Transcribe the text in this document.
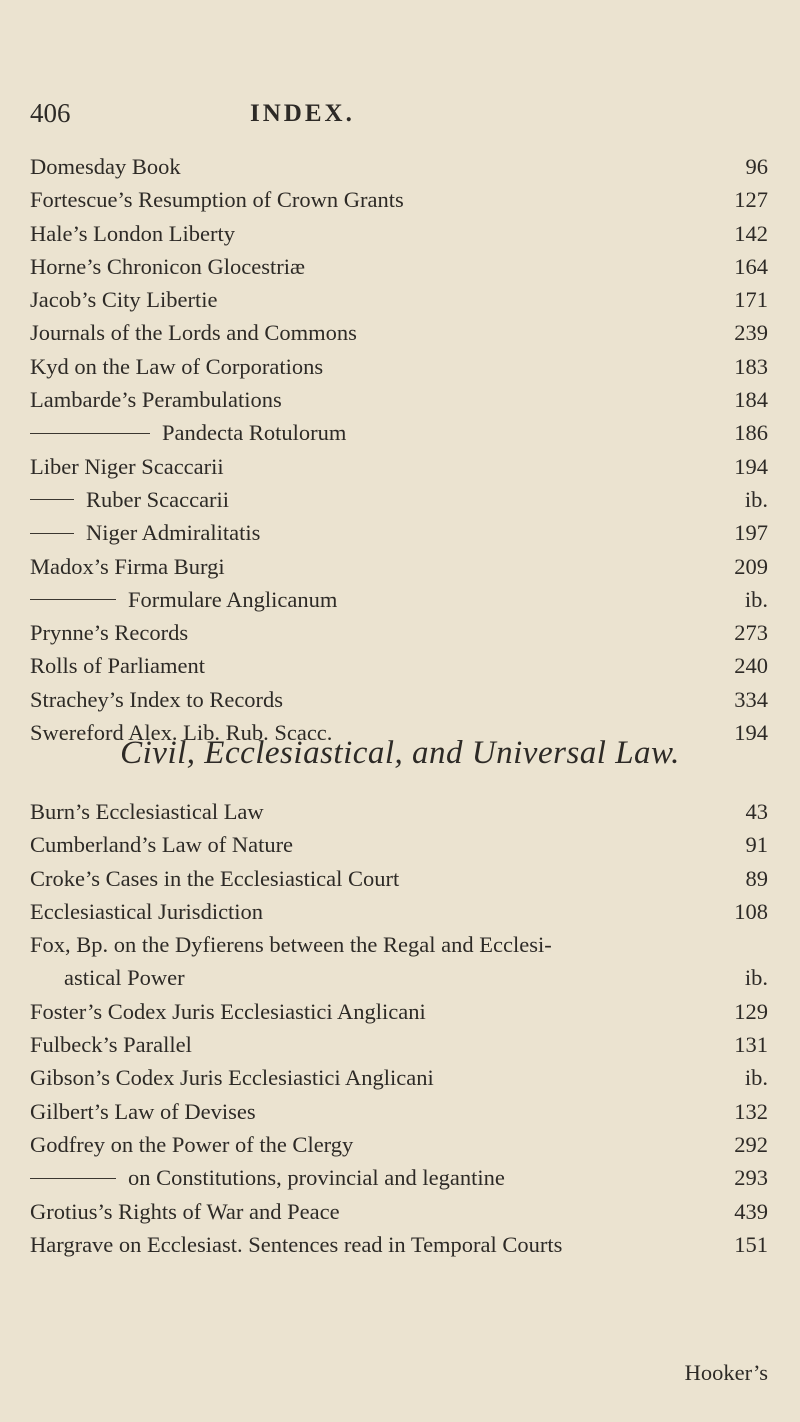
406	INDEX.
Domesday Book	96
Fortescue’s Resumption of Crown Grants	127
Hale’s London Liberty	142
Horne’s Chronicon Glocestriæ	164
Jacob’s City Libertie	171
Journals of the Lords and Commons	239
Kyd on the Law of Corporations	183
Lambarde’s Perambulations	184
Pandecta Rotulorum	186
Liber Niger Scaccarii	194
Ruber Scaccarii	ib.
Niger Admiralitatis	197
Madox’s Firma Burgi	209
Formulare Anglicanum	ib.
Prynne’s Records	273
Rolls of Parliament	240
Strachey’s Index to Records	334
Swereford Alex. Lib. Rub. Scacc.	194
Civil, Ecclesiastical, and Universal Law.
Burn’s Ecclesiastical Law	43
Cumberland’s Law of Nature	91
Croke’s Cases in the Ecclesiastical Court	89
Ecclesiastical Jurisdiction	108
Fox, Bp. on the Dyfierens between the Regal and Ecclesi-
astical Power	ib.
Foster’s Codex Juris Ecclesiastici Anglicani	129
Fulbeck’s Parallel	131
Gibson’s Codex Juris Ecclesiastici Anglicani	ib.
Gilbert’s Law of Devises	132
Godfrey on the Power of the Clergy	292
on Constitutions, provincial and legantine	293
Grotius’s Rights of War and Peace	439
Hargrave on Ecclesiast. Sentences read in Temporal Courts	151
Hooker’s
